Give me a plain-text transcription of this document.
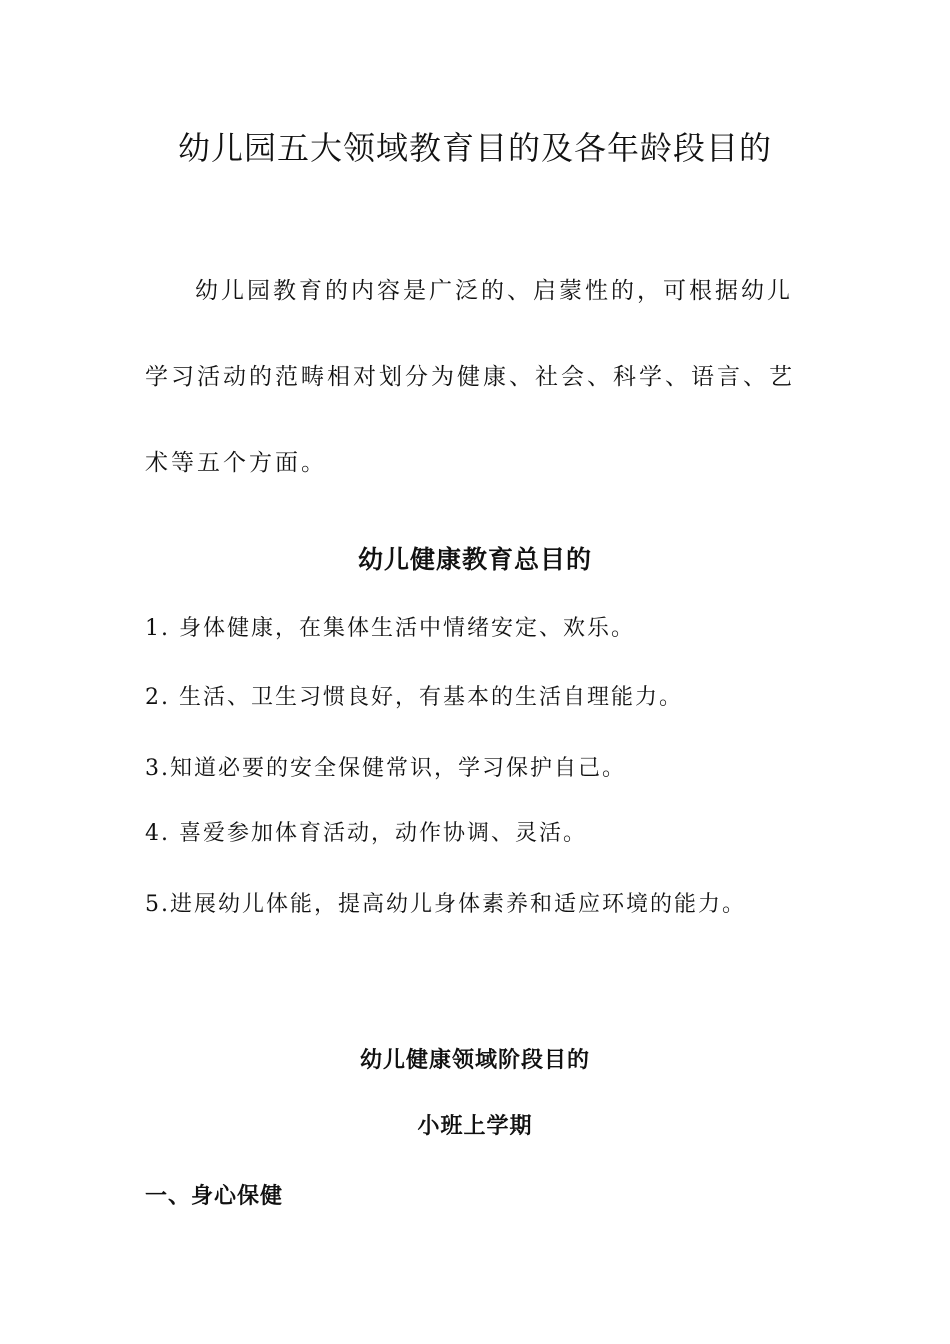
幼儿园五大领域教育目的及各年龄段目的

幼儿园教育的内容是广泛的、启蒙性的，可根据幼儿学习活动的范畴相对划分为健康、社会、科学、语言、艺术等五个方面。

幼儿健康教育总目的

1. 身体健康，在集体生活中情绪安定、欢乐。

2. 生活、卫生习惯良好，有基本的生活自理能力。

3.知道必要的安全保健常识，学习保护自己。

4. 喜爱参加体育活动，动作协调、灵活。

5.进展幼儿体能，提高幼儿身体素养和适应环境的能力。

幼儿健康领域阶段目的
小班上学期
一、身心保健
